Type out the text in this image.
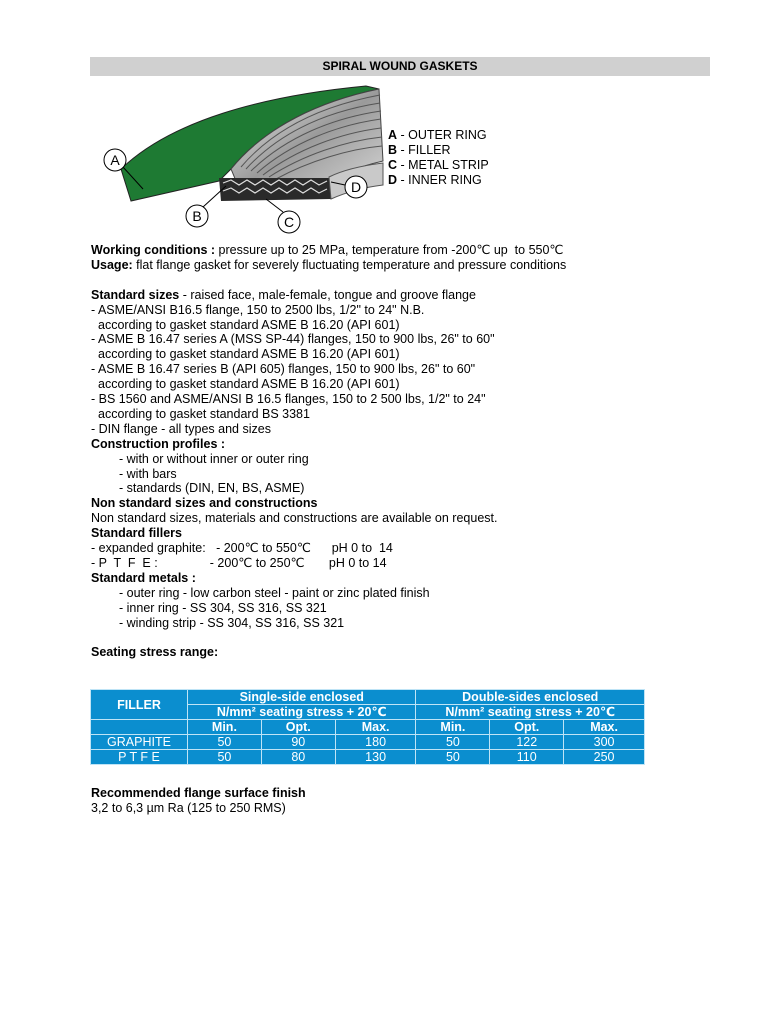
SPIRAL WOUND GASKETS
A
B	C
D
A - OUTER RING
B - FILLER
C - METAL STRIP
D - INNER RING
Working conditions : pressure up to 25 MPa, temperature from -200℃ up  to 550℃
Usage: flat flange gasket for severely fluctuating temperature and pressure conditions
Standard sizes - raised face, male-female, tongue and groove flange
- ASME/ANSI B16.5 flange, 150 to 2500 lbs, 1/2" to 24" N.B.
according to gasket standard ASME B 16.20 (API 601)
- ASME B 16.47 series A (MSS SP-44) flanges, 150 to 900 lbs, 26" to 60"
according to gasket standard ASME B 16.20 (API 601)
- ASME B 16.47 series B (API 605) flanges, 150 to 900 lbs, 26" to 60"
according to gasket standard ASME B 16.20 (API 601)
- BS 1560 and ASME/ANSI B 16.5 flanges, 150 to 2 500 lbs, 1/2" to 24"
according to gasket standard BS 3381
- DIN flange - all types and sizes
Construction profiles :
- with or without inner or outer ring
- with bars
- standards (DIN, EN, BS, ASME)
Non standard sizes and constructions
Non standard sizes, materials and constructions are available on request.
Standard fillers
- expanded graphite:   - 200℃ to 550℃      pH 0 to  14
- P  T  F  E :               - 200℃ to 250℃       pH 0 to 14
Standard metals :
- outer ring - low carbon steel - paint or zinc plated finish
- inner ring - SS 304, SS 316, SS 321
- winding strip - SS 304, SS 316, SS 321
Seating stress range:
FILLER	Single-side enclosed			Double-sides enclosed		
	N/mm² seating stress + 20℃			N/mm² seating stress + 20℃		
	Min.	Opt.	Max.	Min.	Opt.	Max.
GRAPHITE	50	90	180	50	122	300
P T F E	50	80	130	50	110	250
Recommended flange surface finish
3,2 to 6,3 µm Ra (125 to 250 RMS)
